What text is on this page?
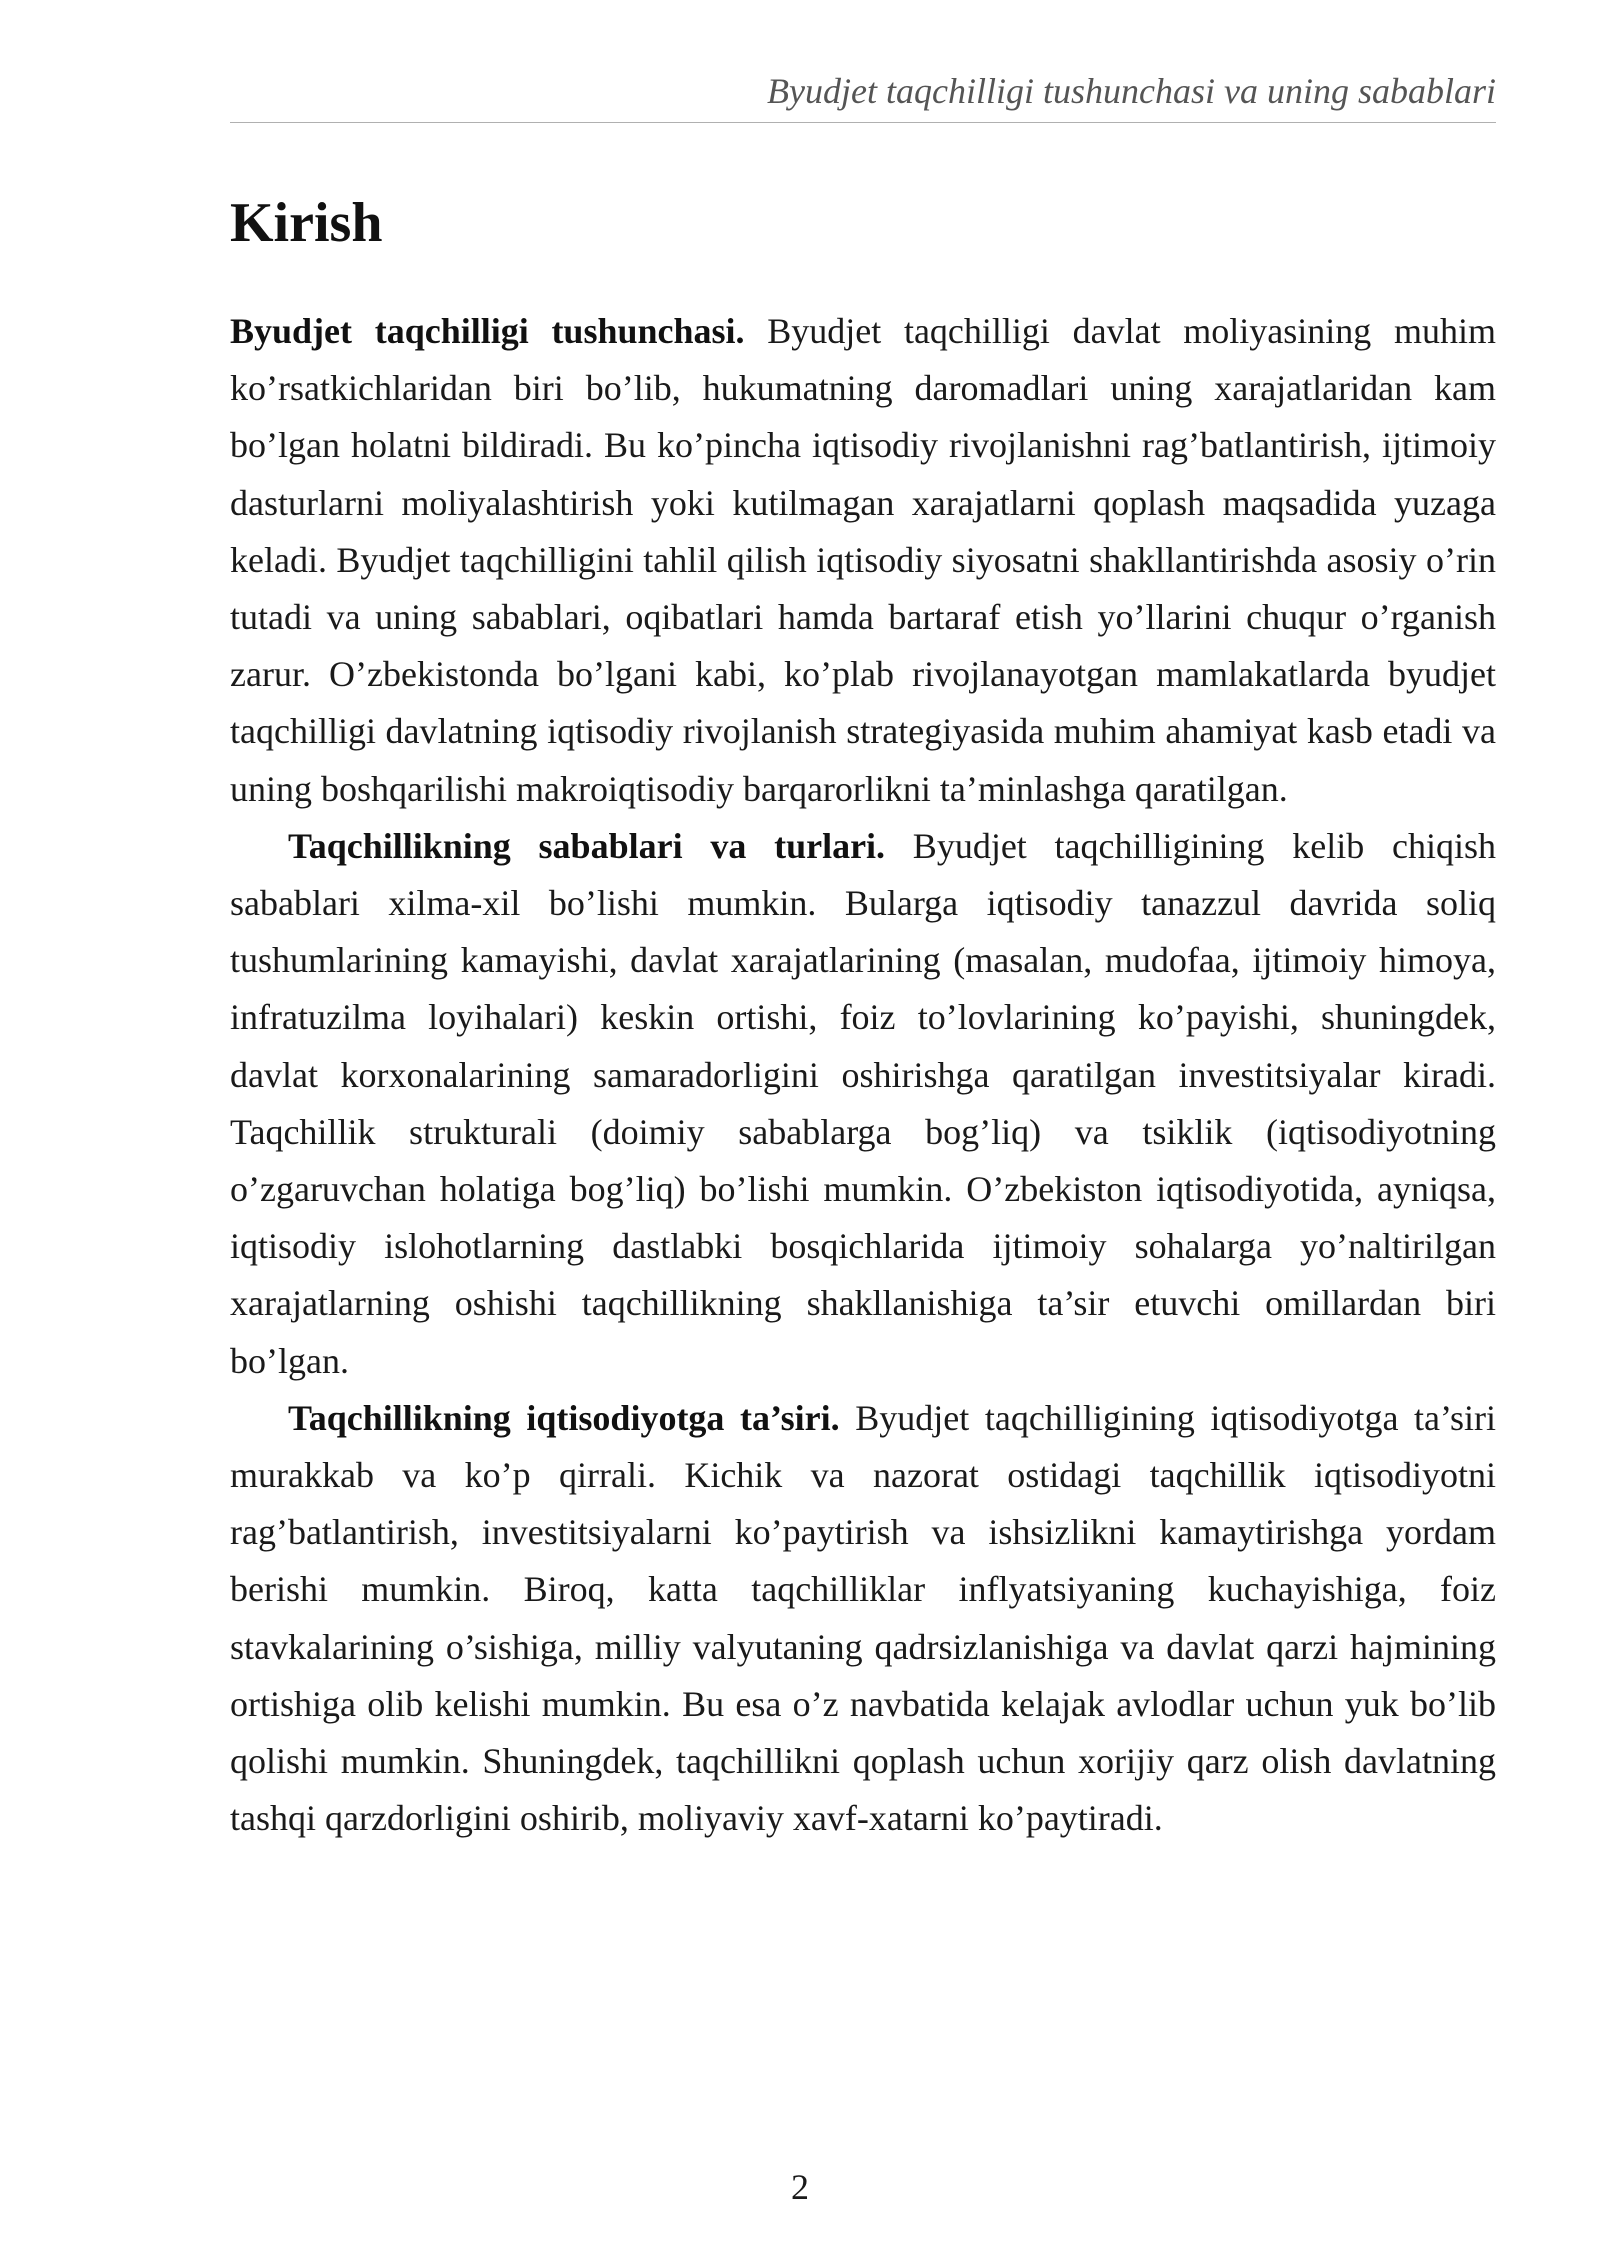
Byudjet taqchilligi tushunchasi va uning sabablari
Kirish

Byudjet taqchilligi tushunchasi. Byudjet taqchilligi davlat moliyasining muhim ko’rsatkichlaridan biri bo’lib, hukumatning daromadlari uning xarajatlaridan kam bo’lgan holatni bildiradi. Bu ko’pincha iqtisodiy rivojlanishni rag’batlantirish, ijtimoiy dasturlarni moliyalashtirish yoki kutilmagan xarajatlarni qoplash maqsadida yuzaga keladi. Byudjet taqchilligini tahlil qilish iqtisodiy siyosatni shakllantirishda asosiy o’rin tutadi va uning sabablari, oqibatlari hamda bartaraf etish yo’llarini chuqur o’rganish zarur. O’zbekistonda bo’lgani kabi, ko’plab rivojlanayotgan mamlakatlarda byudjet taqchilligi davlatning iqtisodiy rivojlanish strategiyasida muhim ahamiyat kasb etadi va uning boshqarilishi makroiqtisodiy barqarorlikni ta’minlashga qaratilgan.

Taqchillikning sabablari va turlari. Byudjet taqchilligining kelib chiqish sabablari xilma-xil bo’lishi mumkin. Bularga iqtisodiy tanazzul davrida soliq tushumlarining kamayishi, davlat xarajatlarining (masalan, mudofaa, ijtimoiy himoya, infratuzilma loyihalari) keskin ortishi, foiz to’lovlarining ko’payishi, shuningdek, davlat korxonalarining samaradorligini oshirishga qaratilgan investitsiyalar kiradi. Taqchillik strukturali (doimiy sabablarga bog’liq) va tsiklik (iqtisodiyotning o’zgaruvchan holatiga bog’liq) bo’lishi mumkin. O’zbekiston iqtisodiyotida, ayniqsa, iqtisodiy islohotlarning dastlabki bosqichlarida ijtimoiy sohalarga yo’naltirilgan xarajatlarning oshishi taqchillikning shakllanishiga ta’sir etuvchi omillardan biri bo’lgan.

Taqchillikning iqtisodiyotga ta’siri. Byudjet taqchilligining iqtisodiyotga ta’siri murakkab va ko’p qirrali. Kichik va nazorat ostidagi taqchillik iqtisodiyotni rag’batlantirish, investitsiyalarni ko’paytirish va ishsizlikni kamaytirishga yordam berishi mumkin. Biroq, katta taqchilliklar inflyatsiyaning kuchayishiga, foiz stavkalarining o’sishiga, milliy valyutaning qadrsizlanishiga va davlat qarzi hajmining ortishiga olib kelishi mumkin. Bu esa o’z navbatida kelajak avlodlar uchun yuk bo’lib qolishi mumkin. Shuningdek, taqchillikni qoplash uchun xorijiy qarz olish davlatning tashqi qarzdorligini oshirib, moliyaviy xavf-xatarni ko’paytiradi.

2
